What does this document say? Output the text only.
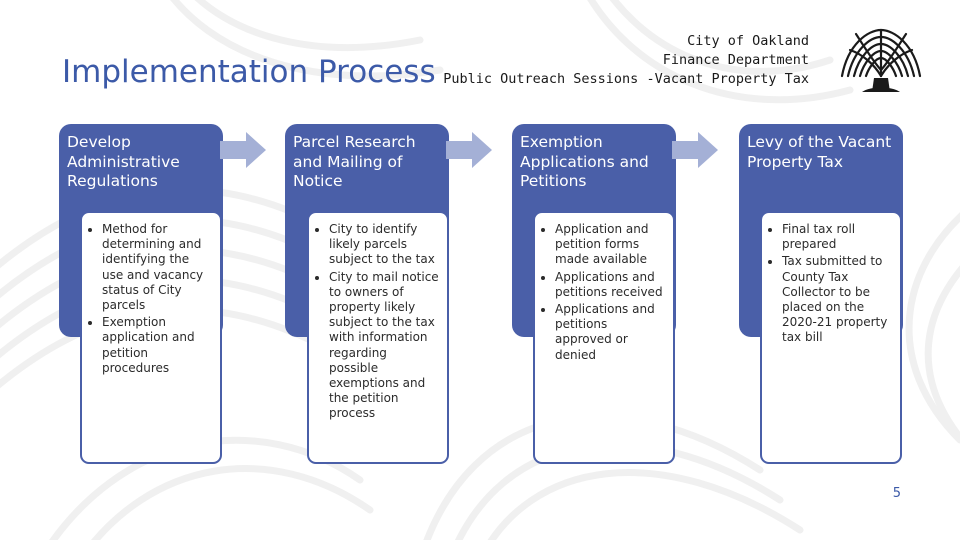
Implementation Process
City of Oakland
Finance Department
Public Outreach Sessions -Vacant Property Tax
Develop Administrative Regulations
• Method for determining and identifying the use and vacancy status of City parcels
• Exemption application and petition procedures
Parcel Research and Mailing of Notice
• City to identify likely parcels subject to the tax
• City to mail notice to owners of property likely subject to the tax with information regarding possible exemptions and the petition process
Exemption Applications and Petitions
• Application and petition forms made available
• Applications and petitions received
• Applications and petitions approved or denied
Levy of the Vacant Property Tax
• Final tax roll prepared
• Tax submitted to County Tax Collector to be placed on the 2020-21 property tax bill
5
